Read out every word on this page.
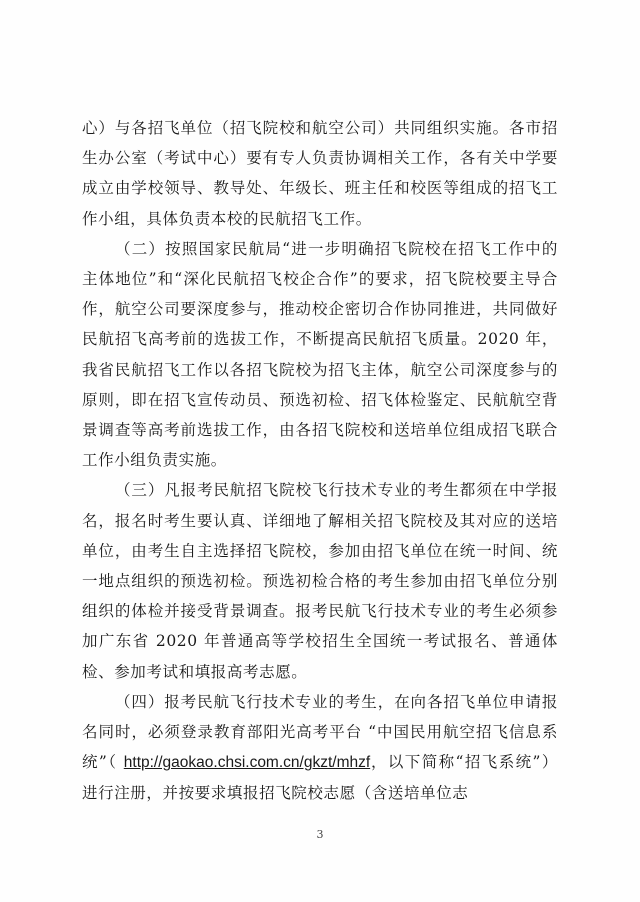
心）与各招飞单位（招飞院校和航空公司）共同组织实施。各市招生办公室（考试中心）要有专人负责协调相关工作，各有关中学要成立由学校领导、教导处、年级长、班主任和校医等组成的招飞工作小组，具体负责本校的民航招飞工作。

（二）按照国家民航局“进一步明确招飞院校在招飞工作中的主体地位”和“深化民航招飞校企合作”的要求，招飞院校要主导合作，航空公司要深度参与，推动校企密切合作协同推进，共同做好民航招飞高考前的选拔工作，不断提高民航招飞质量。2020 年，我省民航招飞工作以各招飞院校为招飞主体，航空公司深度参与的原则，即在招飞宣传动员、预选初检、招飞体检鉴定、民航航空背景调查等高考前选拔工作，由各招飞院校和送培单位组成招飞联合工作小组负责实施。

（三）凡报考民航招飞院校飞行技术专业的考生都须在中学报名，报名时考生要认真、详细地了解相关招飞院校及其对应的送培单位，由考生自主选择招飞院校，参加由招飞单位在统一时间、统一地点组织的预选初检。预选初检合格的考生参加由招飞单位分别组织的体检并接受背景调查。报考民航飞行技术专业的考生必须参加广东省 2020 年普通高等学校招生全国统一考试报名、普通体检、参加考试和填报高考志愿。

（四）报考民航飞行技术专业的考生，在向各招飞单位申请报名同时，必须登录教育部阳光高考平台 “中国民用航空招飞信息系统”（ http://gaokao.chsi.com.cn/gkzt/mhzf，以下简称“招飞系统”）进行注册，并按要求填报招飞院校志愿（含送培单位志

3
